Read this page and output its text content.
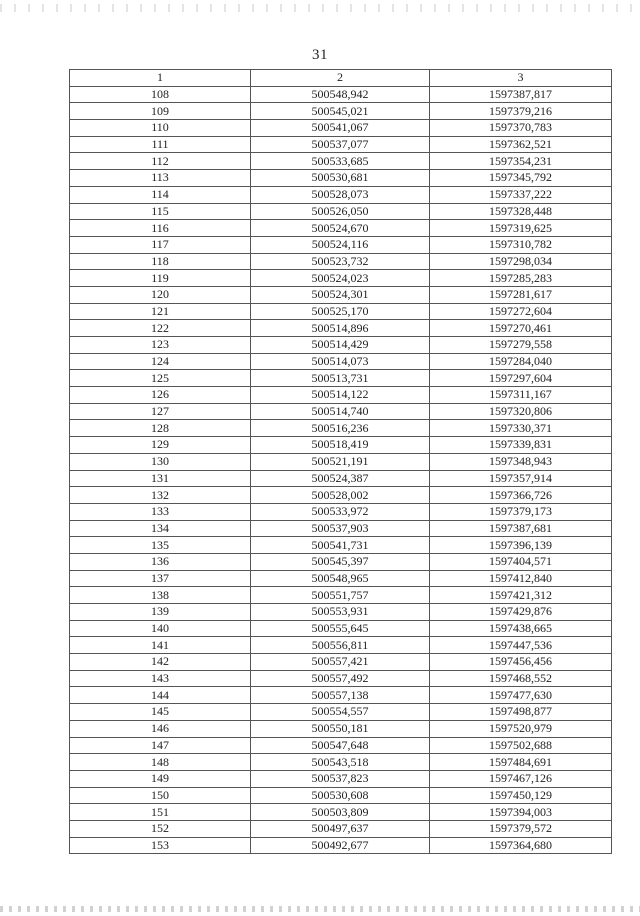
31
1	2	3
108	500548,942	1597387,817
109	500545,021	1597379,216
110	500541,067	1597370,783
111	500537,077	1597362,521
112	500533,685	1597354,231
113	500530,681	1597345,792
114	500528,073	1597337,222
115	500526,050	1597328,448
116	500524,670	1597319,625
117	500524,116	1597310,782
118	500523,732	1597298,034
119	500524,023	1597285,283
120	500524,301	1597281,617
121	500525,170	1597272,604
122	500514,896	1597270,461
123	500514,429	1597279,558
124	500514,073	1597284,040
125	500513,731	1597297,604
126	500514,122	1597311,167
127	500514,740	1597320,806
128	500516,236	1597330,371
129	500518,419	1597339,831
130	500521,191	1597348,943
131	500524,387	1597357,914
132	500528,002	1597366,726
133	500533,972	1597379,173
134	500537,903	1597387,681
135	500541,731	1597396,139
136	500545,397	1597404,571
137	500548,965	1597412,840
138	500551,757	1597421,312
139	500553,931	1597429,876
140	500555,645	1597438,665
141	500556,811	1597447,536
142	500557,421	1597456,456
143	500557,492	1597468,552
144	500557,138	1597477,630
145	500554,557	1597498,877
146	500550,181	1597520,979
147	500547,648	1597502,688
148	500543,518	1597484,691
149	500537,823	1597467,126
150	500530,608	1597450,129
151	500503,809	1597394,003
152	500497,637	1597379,572
153	500492,677	1597364,680
